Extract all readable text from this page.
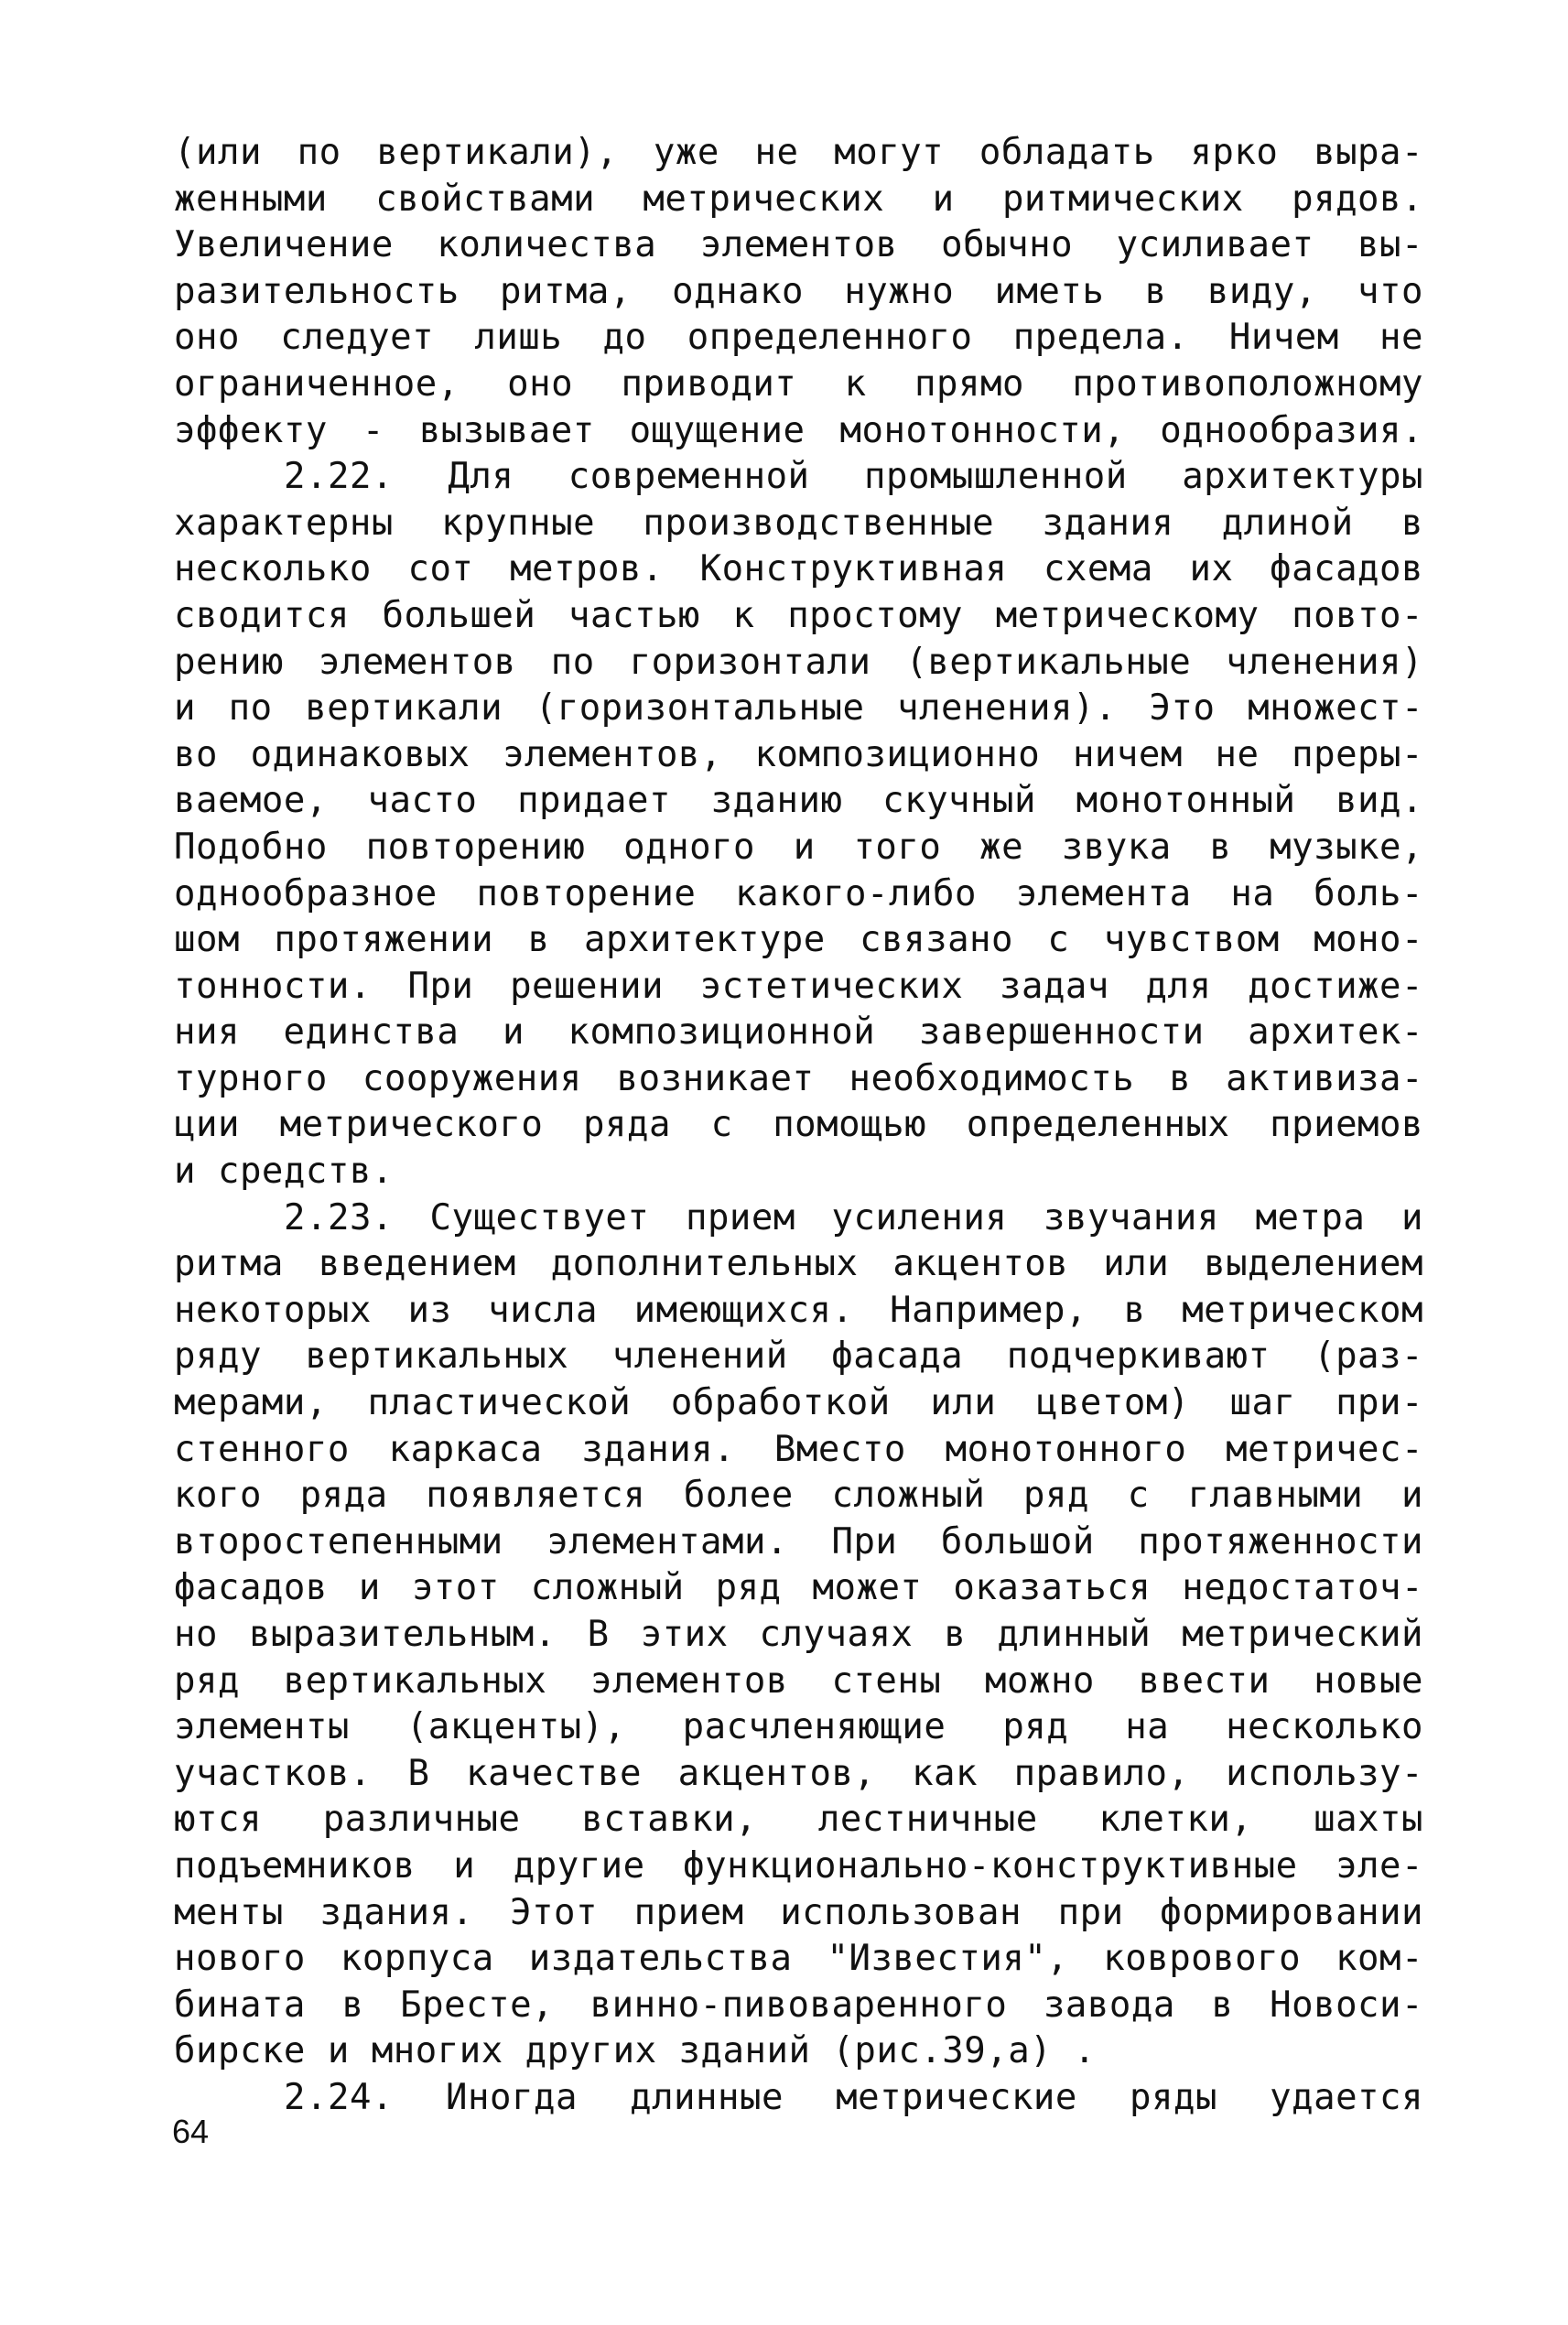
(или по вертикали), уже не могут обладать ярко выра-
женными свойствами метрических и ритмических рядов.
Увеличение количества элементов обычно усиливает вы-
разительность ритма, однако нужно иметь в виду, что
оно следует лишь до определенного предела. Ничем не
ограниченное, оно приводит к прямо противоположному
эффекту - вызывает ощущение монотонности, однообразия.
2.22. Для современной промышленной архитектуры
характерны крупные производственные здания длиной в
несколько сот метров. Конструктивная схема их фасадов
сводится большей частью к простому метрическому повто-
рению элементов по горизонтали (вертикальные членения)
и по вертикали (горизонтальные членения). Это множест-
во одинаковых элементов, композиционно ничем не преры-
ваемое, часто придает зданию скучный монотонный вид.
Подобно повторению одного и того же звука в музыке,
однообразное повторение какого-либо элемента на боль-
шом протяжении в архитектуре связано с чувством моно-
тонности. При решении эстетических задач для достиже-
ния единства и композиционной завершенности архитек-
турного сооружения возникает необходимость в активиза-
ции метрического ряда с помощью определенных приемов
и средств.
2.23. Существует прием усиления звучания метра и
ритма введением дополнительных акцентов или выделением
некоторых из числа имеющихся. Например, в метрическом
ряду вертикальных членений фасада подчеркивают (раз-
мерами, пластической обработкой или цветом) шаг при-
стенного каркаса здания. Вместо монотонного метричес-
кого ряда появляется более сложный ряд с главными и
второстепенными элементами. При большой протяженности
фасадов и этот сложный ряд может оказаться недостаточ-
но выразительным. В этих случаях в длинный метрический
ряд вертикальных элементов стены можно ввести новые
элементы (акценты), расчленяющие ряд на несколько
участков. В качестве акцентов, как правило, использу-
ются различные вставки, лестничные клетки, шахты
подъемников и другие функционально-конструктивные эле-
менты здания. Этот прием использован при формировании
нового корпуса издательства "Известия", коврового ком-
бината в Бресте, винно-пивоваренного завода в Новоси-
бирске и многих других зданий (рис.39,а) .
2.24. Иногда длинные метрические ряды удается
64
